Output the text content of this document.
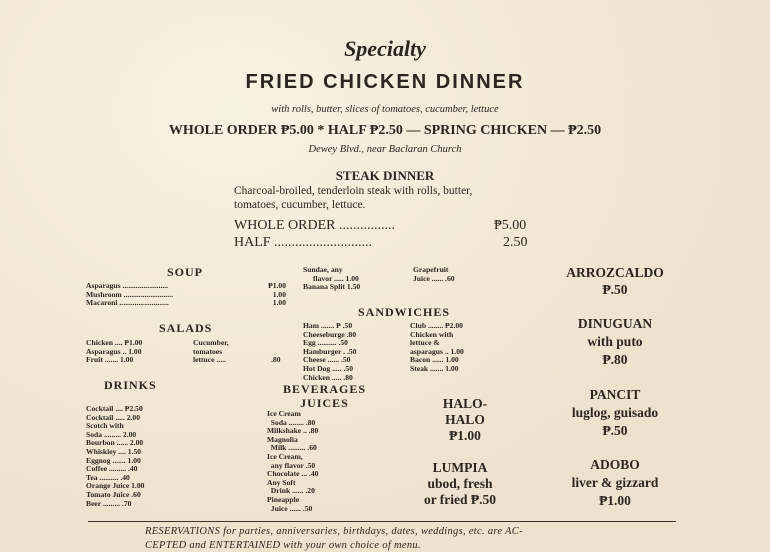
Specialty
FRIED CHICKEN DINNER
with rolls, butter, slices of tomatoes, cucumber, lettuce
WHOLE ORDER ₱5.00 * HALF ₱2.50 — SPRING CHICKEN — ₱2.50
Dewey Blvd., near Baclaran Church
STEAK DINNER
Charcoal-broiled, tenderloin steak with rolls, butter,
tomatoes, cucumber, lettuce.
WHOLE ORDER ................	₱5.00
HALF ............................	2.50
SOUP
Asparagus ........................	₱1.00
Mushroom ..........................	1.00
Macaroni ..........................	1.00
SALADS
Chicken .... ₱1.00
Asparagus .. 1.00
Fruit ....... 1.00
Cucumber,
tomatoes
lettuce .....	.80
DRINKS
Cocktail .... ₱2.50
Cocktail ..... 2.00
Scotch with
Soda ......... 2.00
Bourbon ...... 2.00
Whiskiey .... 1.50
Eggnog ....... 1.00
Coffee ......... .40
Tea .......... .40
Orange Juice 1.00
Tomato Juice .60
Beer ......... .70
Sundae, any
flavor ..... 1.00
Banana Split 1.50
Grapefruit
Juice ...... .60
SANDWICHES
Ham ....... ₱ .50
Cheeseburge .80
Egg .......... .50
Hamburger . .50
Cheese ...... .50
Hot Dog ..... .50
Chicken ..... .80
Club ........ ₱2.00
Chicken with
lettuce &
asparagus .. 1.00
Bacon ...... 1.00
Steak ....... 1.00
BEVERAGES
JUICES
Ice Cream
Soda ........ .80
Milkshake .. .80
Magnolia
Milk ......... .60
Ice Cream,
any flavor .50
Chocolate ... .40
Any Soft
Drink ...... .20
Pineapple
Juice ...... .50
HALO-
HALO
₱1.00
LUMPIA
ubod, fresh
or fried ₱.50
ARROZCALDO
₱.50
DINUGUAN
with puto
₱.80
PANCIT
luglog, guisado
₱.50
ADOBO
liver & gizzard
₱1.00
RESERVATIONS for parties, anniversaries, birthdays, dates, weddings, etc. are AC-
CEPTED and ENTERTAINED with your own choice of menu.
